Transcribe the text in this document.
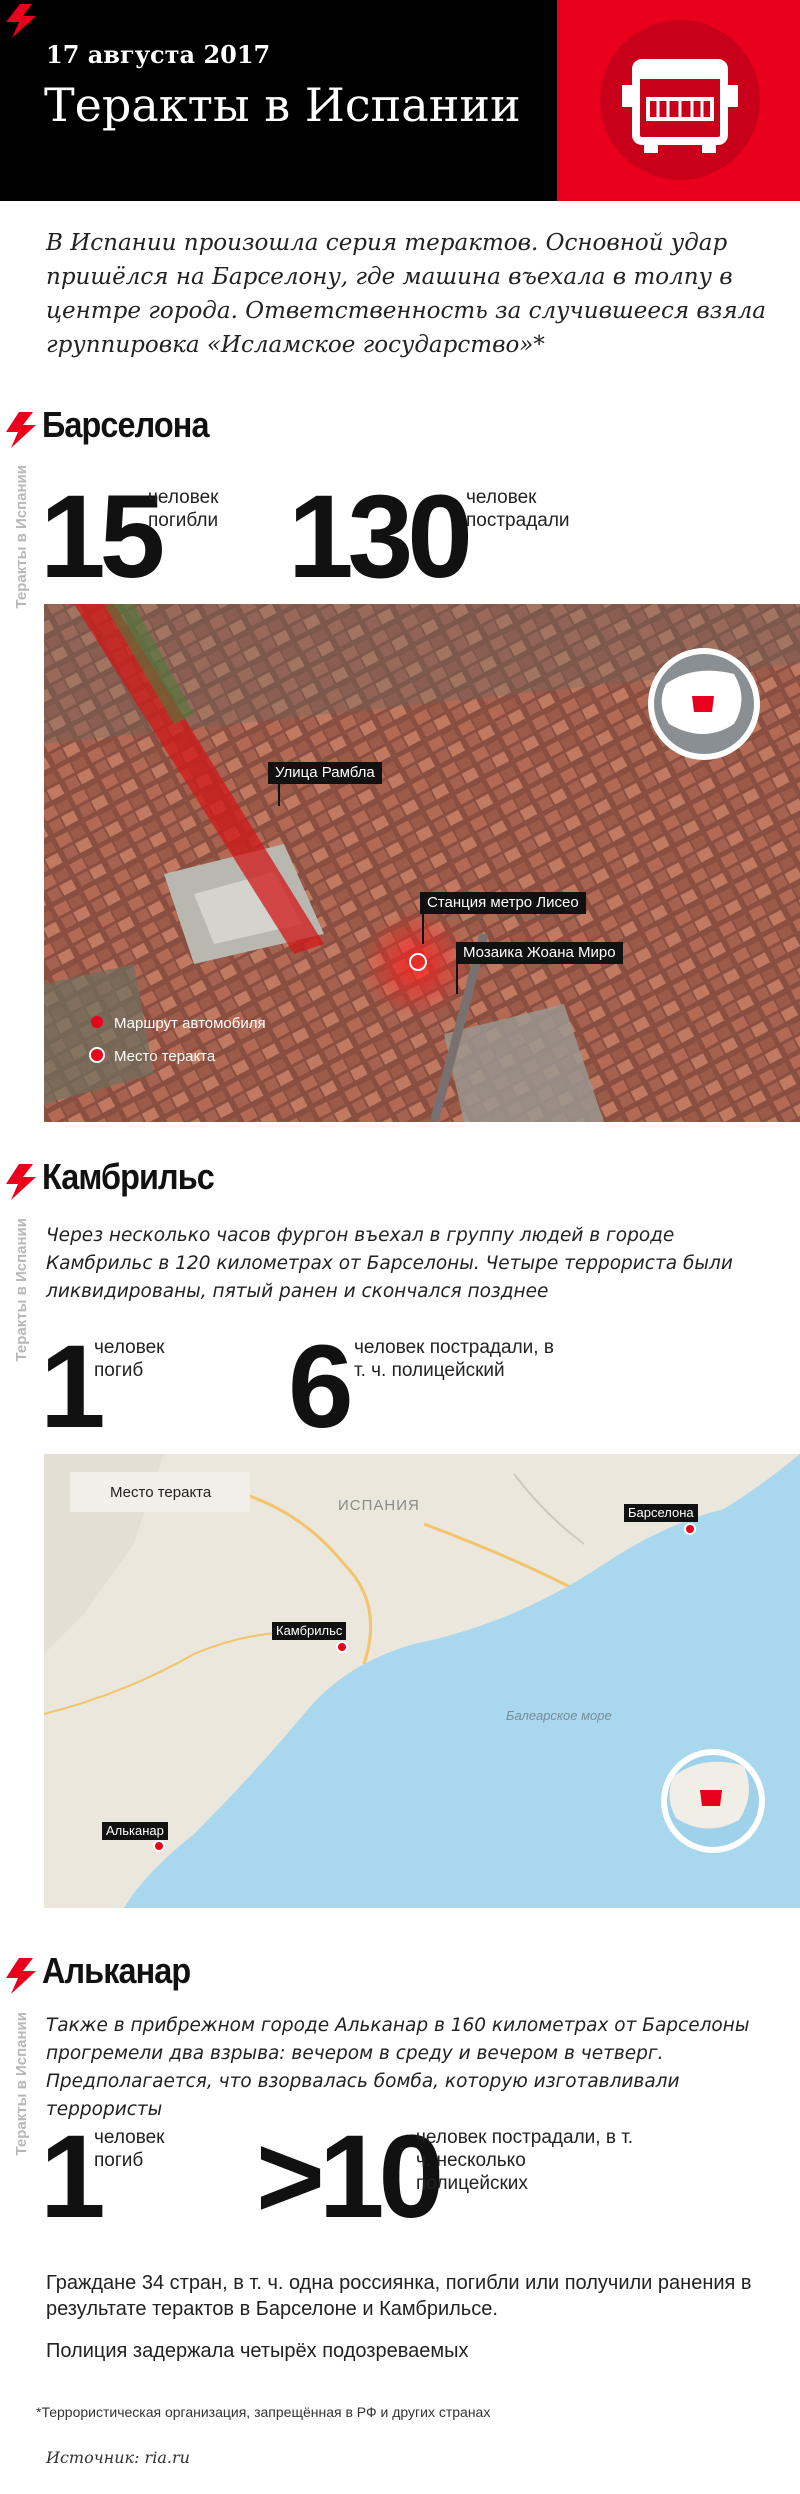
17 августа 2017
Теракты в Испании
В Испании произошла серия терактов. Основной удар пришёлся на Барселону, где машина въехала в толпу в центре города. Ответственность за случившееся взяла группировка «Исламское государство»*
Теракты в Испании
Теракты в Испании
Теракты в Испании
Барселона
15
человек погибли 130 человек пострадали
Улица Рамбла
Станция метро Лисео
Мозаика Жоана Миро
Маршрут автомобиля
Место теракта
Камбрильс
Через несколько часов фургон въехал в группу людей в городе Камбрильс в 120 километрах от Барселоны. Четыре террориста были ликвидированы, пятый ранен и скончался позднее
1
человек погиб	6 человек пострадали, в т. ч. полицейский
Место теракта
ИСПАНИЯ
Балеарское море
Барселона
Камбрильс
Альканар
Альканар
Также в прибрежном городе Альканар в 160 километрах от Барселоны прогремели два взрыва: вечером в среду и вечером в четверг. Предполагается, что взорвалась бомба, которую изготавливали террористы
1
человек погиб >10
человек пострадали, в т. ч. несколько полицейских
Граждане 34 стран, в т. ч. одна россиянка, погибли или получили ранения в результате терактов в Барселоне и Камбрильсе.
Полиция задержала четырёх подозреваемых
*Террористическая организация, запрещённая в РФ и других странах
Источник: ria.ru
